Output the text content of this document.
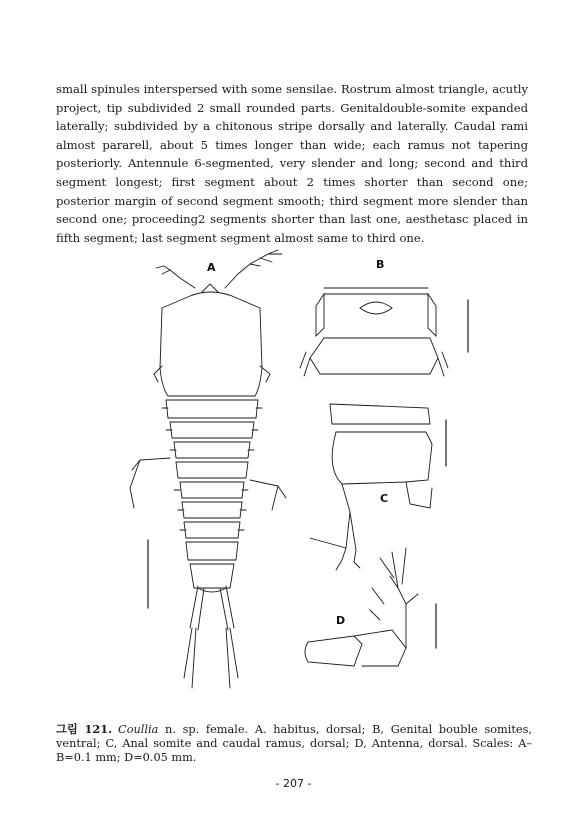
small spinules interspersed with some sensilae. Rostrum almost triangle, acutly project, tip subdivided 2 small rounded parts. Genitaldouble-somite expanded laterally; subdivided by a chitonous stripe dorsally and laterally. Caudal rami almost pararell, about 5 times longer than wide; each ramus not tapering posteriorly. Antennule 6-segmented, very slender and long; second and third segment longest; first segment about 2 times shorter than second one; posterior margin of second segment smooth; third segment more slender than second one; proceeding2 segments shorter than last one, aesthetasc placed in fifth segment; last segment segment almost same to third one.

A	B
C
D
그림 121. Coullia n. sp. female. A. habitus, dorsal; B, Genital bouble somites, ventral; C, Anal somite and caudal ramus, dorsal; D, Antenna, dorsal. Scales: A–B=0.1 mm; D=0.05 mm.
- 207 -
